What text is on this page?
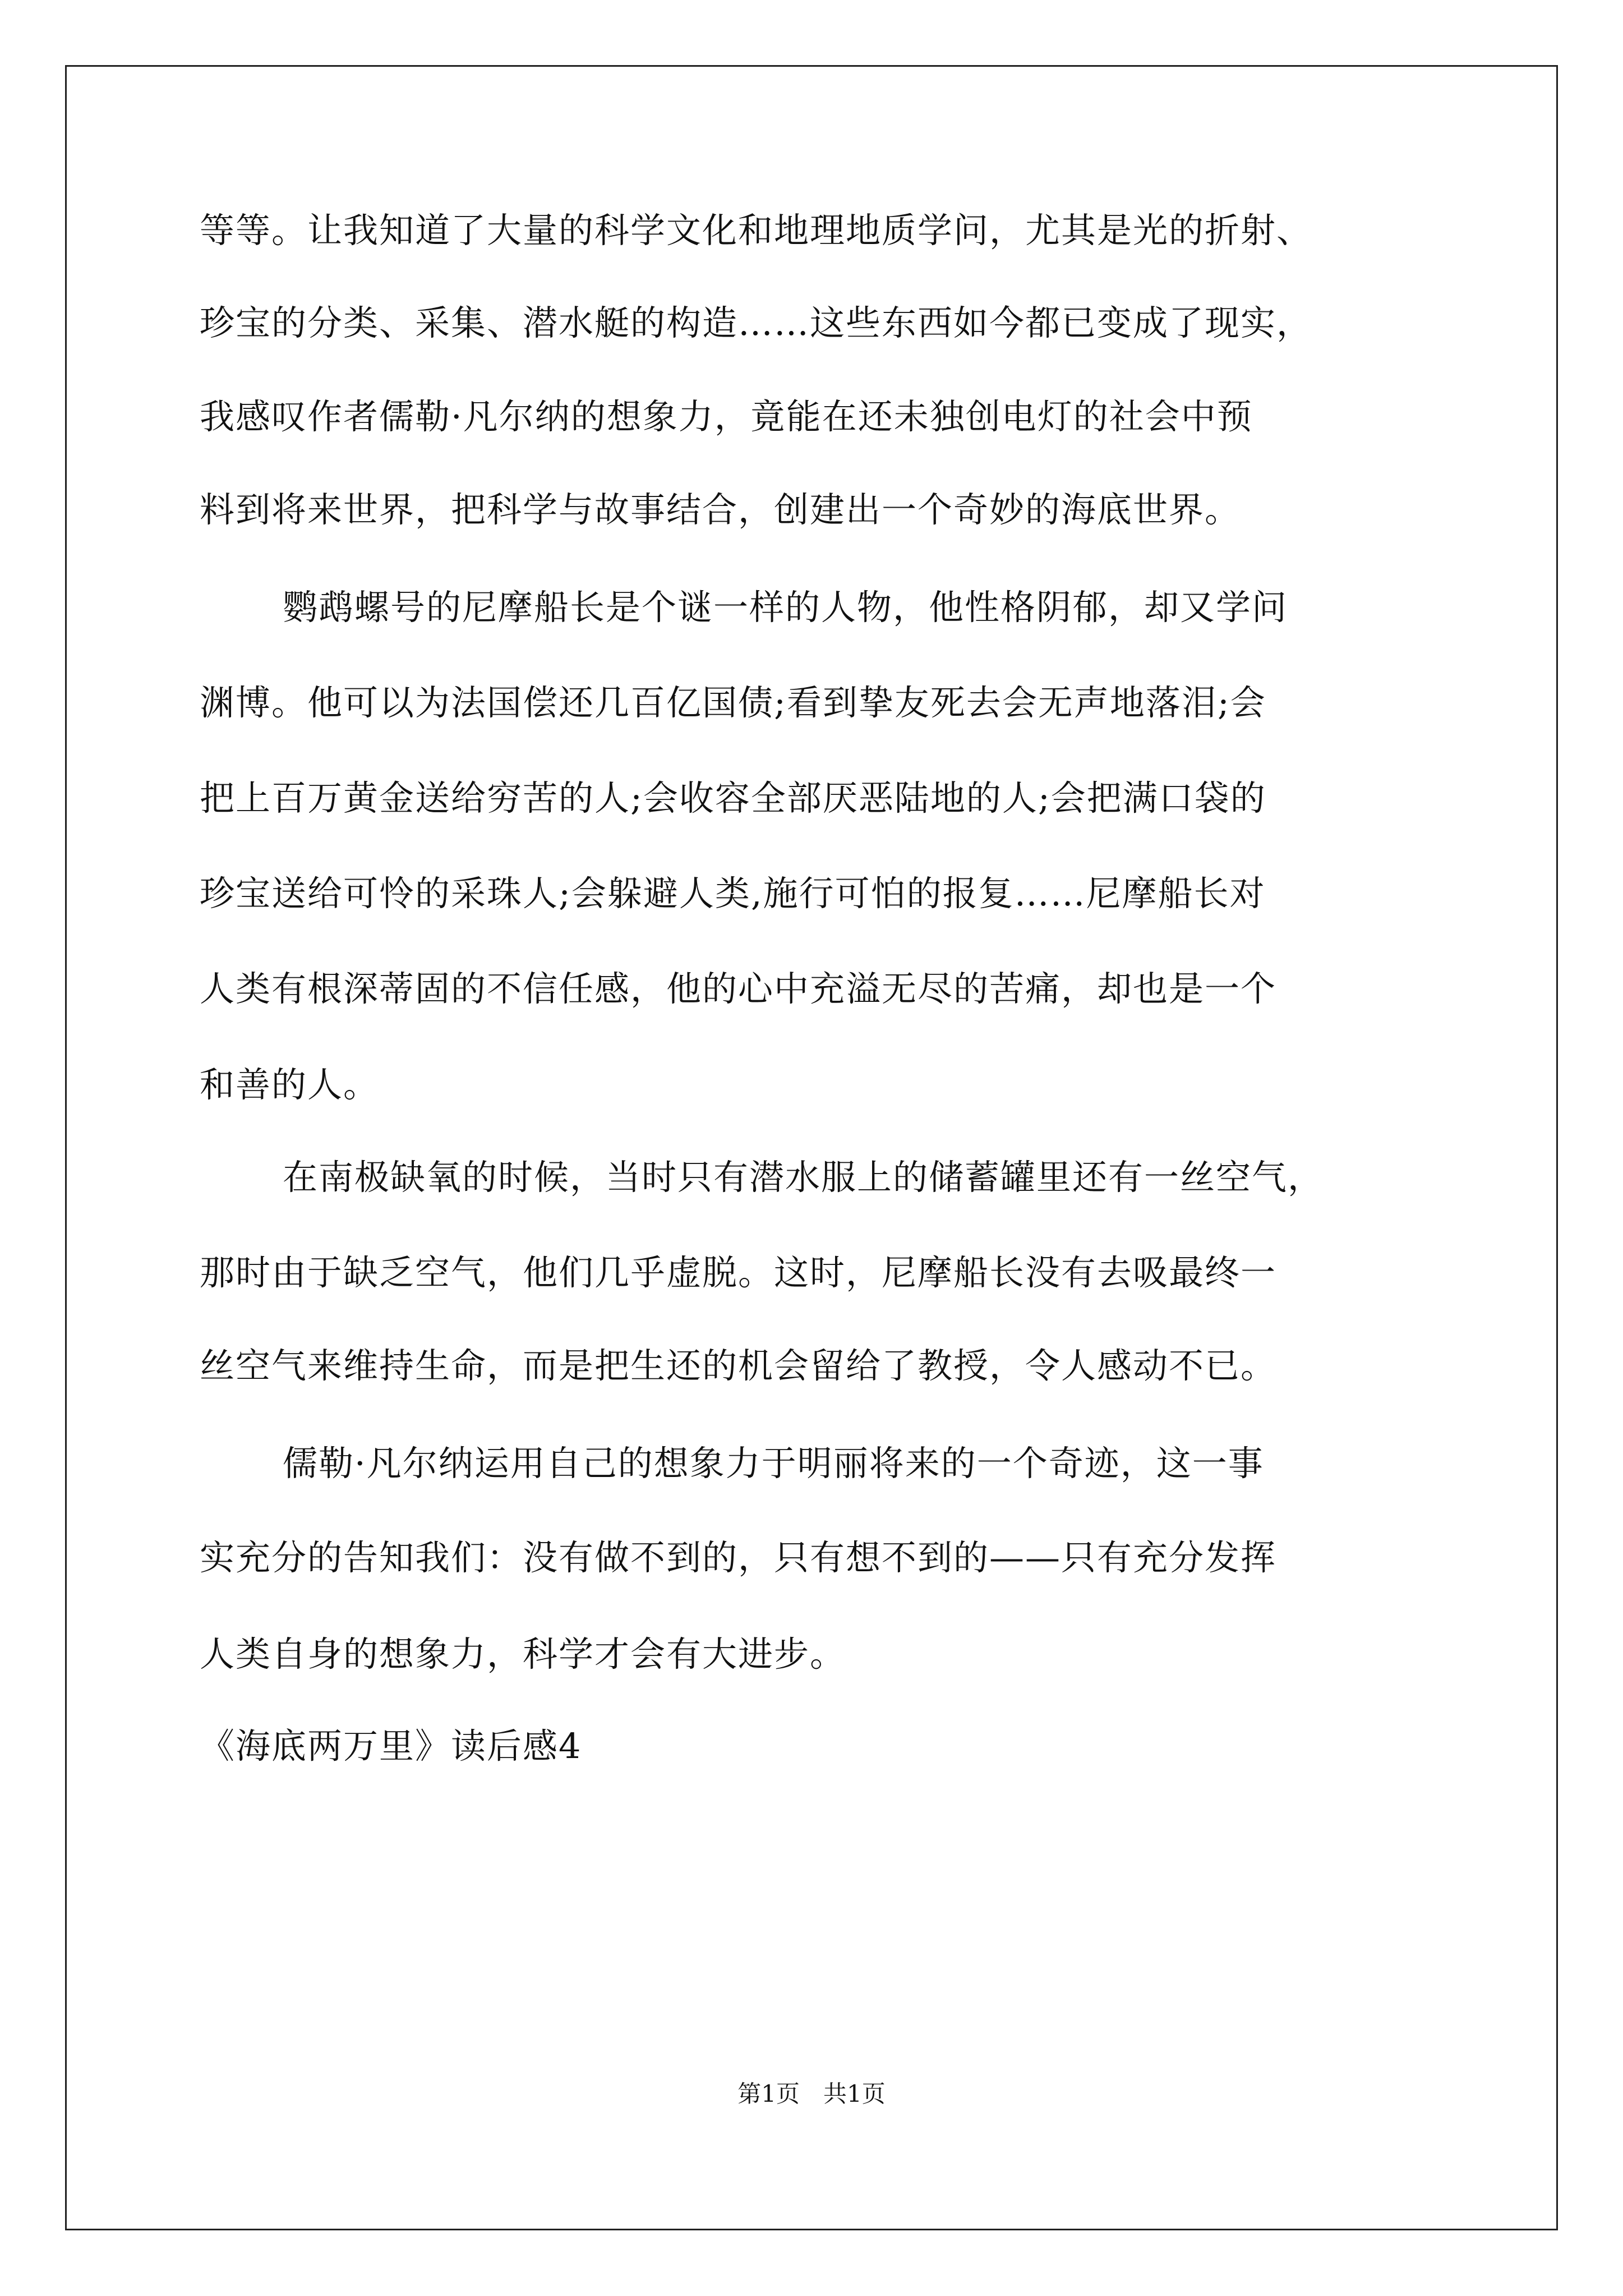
等等。让我知道了大量的科学文化和地理地质学问，尤其是光的折射、
珍宝的分类、采集、潜水艇的构造……这些东西如今都已变成了现实，
我感叹作者儒勒·凡尔纳的想象力，竟能在还未独创电灯的社会中预
料到将来世界，把科学与故事结合，创建出一个奇妙的海底世界。
鹦鹉螺号的尼摩船长是个谜一样的人物，他性格阴郁，却又学问
渊博。他可以为法国偿还几百亿国债;看到挚友死去会无声地落泪;会
把上百万黄金送给穷苦的人;会收容全部厌恶陆地的人;会把满口袋的
珍宝送给可怜的采珠人;会躲避人类,施行可怕的报复……尼摩船长对
人类有根深蒂固的不信任感，他的心中充溢无尽的苦痛，却也是一个
和善的人。
在南极缺氧的时候，当时只有潜水服上的储蓄罐里还有一丝空气，
那时由于缺乏空气，他们几乎虚脱。这时，尼摩船长没有去吸最终一
丝空气来维持生命，而是把生还的机会留给了教授，令人感动不已。
儒勒·凡尔纳运用自己的想象力于明丽将来的一个奇迹，这一事
实充分的告知我们：没有做不到的，只有想不到的——只有充分发挥
人类自身的想象力，科学才会有大进步。
《海底两万里》读后感4
第1页　共1页
